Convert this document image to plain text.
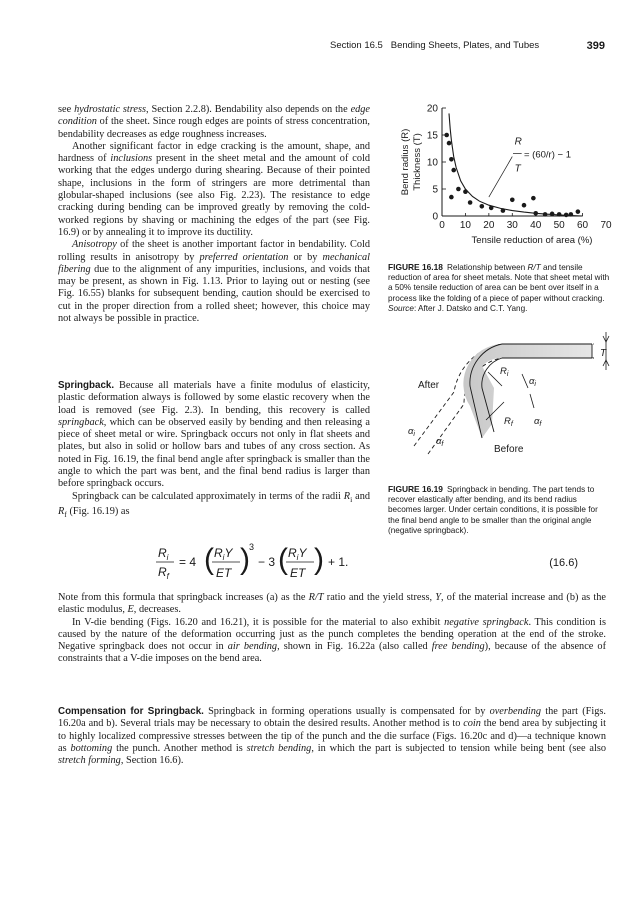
Section 16.5 Bending Sheets, Plates, and Tubes	399

see hydrostatic stress, Section 2.2.8). Bendability also depends on the edge condition of the sheet. Since rough edges are points of stress concentration, bendability decreases as edge roughness increases.

Another significant factor in edge cracking is the amount, shape, and hardness of inclusions present in the sheet metal and the amount of cold working that the edges undergo during shearing. Because of their pointed shape, inclusions in the form of stringers are more detrimental than globular-shaped inclusions (see also Fig. 2.23). The resistance to edge cracking during bending can be improved greatly by removing the cold-worked regions by shaving or machining the edges of the part (see Fig. 16.9) or by annealing it to improve its ductility.

Anisotropy of the sheet is another important factor in bendability. Cold rolling results in anisotropy by preferred orientation or by mechanical fibering due to the alignment of any impurities, inclusions, and voids that may be present, as shown in Fig. 1.13. Prior to laying out or nesting (see Fig. 16.55) blanks for subsequent bending, caution should be exercised to cut in the proper direction from a rolled sheet; however, this choice may not always be possible in practice.

Springback. Because all materials have a finite modulus of elasticity, plastic deformation always is followed by some elastic recovery when the load is removed (see Fig. 2.3). In bending, this recovery is called springback, which can be observed easily by bending and then releasing a piece of sheet metal or wire. Springback occurs not only in flat sheets and plates, but also in solid or hollow bars and tubes of any cross section. As noted in Fig. 16.19, the final bend angle after springback is smaller than the angle to which the part was bent, and the final bend radius is larger than before springback occurs.

Springback can be calculated approximately in terms of the radii $R_i$ and $R_f$ (Fig. 16.19) as

$R_i$
$R_f$
= 4 ( $R_iY$
ET ) 3
− 3 ( $R_iY$
ET ) + 1.	(16.6)

Note from this formula that springback increases (a) as the R/T ratio and the yield stress, Y, of the material increase and (b) as the elastic modulus, E, decreases.

In V-die bending (Figs. 16.20 and 16.21), it is possible for the material to also exhibit negative springback. This condition is caused by the nature of the deformation occurring just as the punch completes the bending operation at the end of the stroke. Negative springback does not occur in air bending, shown in Fig. 16.22a (also called free bending), because of the absence of constraints that a V-die imposes on the bend area.

Compensation for Springback. Springback in forming operations usually is compensated for by overbending the part (Figs. 16.20a and b). Several trials may be necessary to obtain the desired results. Another method is to coin the bend area by subjecting it to highly localized compressive stresses between the tip of the punch and the die surface (Figs. 16.20c and d)—a technique known as bottoming the punch. Another method is stretch bending, in which the part is subjected to tension while being bent (see also stretch forming, Section 16.6).

0
5
10
15
20
0 10 20 30 40 50 60 70
Tensile reduction of area (%)
Bend radius (R) Thickness (T)	R
T
= (60/r) − 1
FIGURE 16.18 Relationship between R/T and tensile reduction of area for sheet metals. Note that sheet metal with a 50% tensile reduction of area can be bent over itself in a process like the folding of a piece of paper without cracking. Source: After J. Datsko and C.T. Yang.
T
$R_i$
$R_f$
$\alpha_i$
$\alpha_f$
$\alpha_i$
$\alpha_f$
After
Before
FIGURE 16.19 Springback in bending. The part tends to recover elastically after bending, and its bend radius becomes larger. Under certain conditions, it is possible for the final bend angle to be smaller than the original angle (negative springback).
